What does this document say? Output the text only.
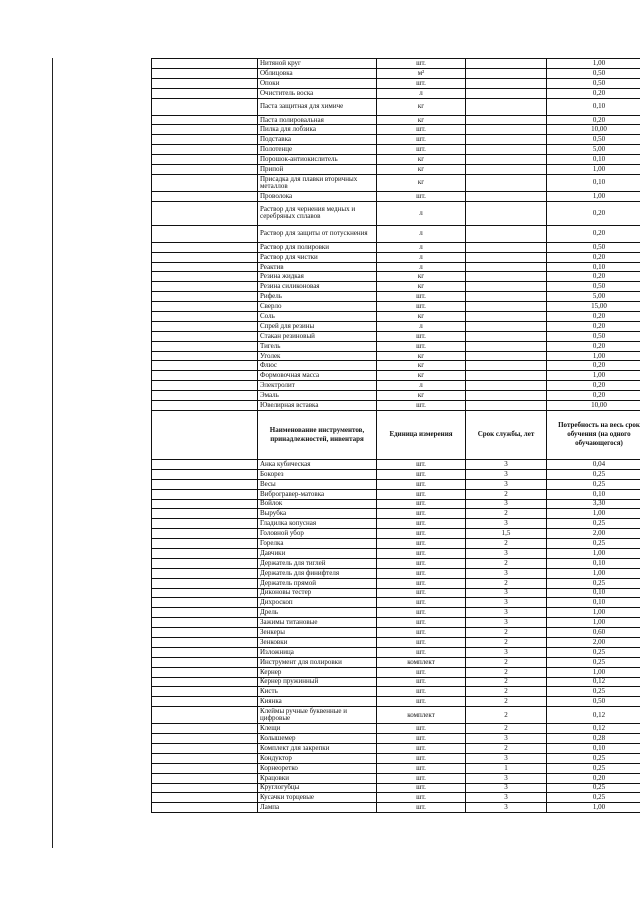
	Нитяной круг	шт.		1,00
	Облицовка	м²		0,50
	Опоки	шт.		0,50
	Очиститель воска	л		0,20
	Паста защитная для химиче	кг		0,10
	Паста полировальная	кг		0,20
	Пилка для лобзика	шт.		10,00
	Подставка	шт.		0,50
	Полотенце	шт.		5,00
	Порошок-антиокислитель	кг		0,10
	Припой	кг		1,00
	Присадка для плавки вторичных металлов	кг		0,10
	Проволока	шт.		1,00
	Раствор для чернения медных и серебряных сплавов	л		0,20
	Раствор для защиты от потускнения	л		0,20
	Раствор для полировки	л		0,50
	Раствор для чистки	л		0,20
	Реактив	л		0,10
	Резина жидкая	кг		0,20
	Резина силиконовая	кг		0,50
	Рифель	шт.		5,00
	Сверло	шт.		15,00
	Соль	кг		0,20
	Спрей для резины	л		0,20
	Стакан резиновый	шт.		0,50
	Тигель	шт.		0,20
	Уголек	кг		1,00
	Флюс	кг		0,20
	Формовочная масса	кг		1,00
	Электролит	л		0,20
	Эмаль	кг		0,20
	Ювелирная вставка	шт.		10,00
	Наименование инструментов, принадлежностей, инвентаря	Единица измерения	Срок службы, лет	Потребность на весь срок обучения (на одного обучающегося)
	Анка кубическая	шт.	3	0,04
	Бокорез	шт.	3	0,25
	Весы	шт.	3	0,25
	Виброгравер-матовка	шт.	2	0,10
	Войлок	шт.	3	3,30
	Вырубка	шт.	2	1,00
	Гладилка копусная	шт.	3	0,25
	Головной убор	шт.	1,5	2,00
	Горелка	шт.	2	0,25
	Давчики	шт.	3	1,00
	Держатель для тиглей	шт.	2	0,10
	Держатель для финифтеля	шт.	3	1,00
	Держатель прямой	шт.	2	0,25
	Диконовы тестер	шт.	3	0,10
	Дихроскоп	шт.	3	0,10
	Дрель	шт.	3	1,00
	Зажимы титановые	шт.	3	1,00
	Зенкеры	шт.	2	0,60
	Зенковки	шт.	2	2,00
	Изложница	шт.	3	0,25
	Инструмент для полировки	комплект	2	0,25
	Кернер	шт.	2	1,00
	Кернер пружинный	шт.	2	0,12
	Кисть	шт.	2	0,25
	Киянка	шт.	2	0,50
	Клеймы ручные буквенные и цифровые	комплект	2	0,12
	Клещи	шт.	2	0,12
	Колышемер	шт.	3	0,28
	Комплект для закрепки	шт.	2	0,10
	Кондуктор	шт.	3	0,25
	Корнеоретко	шт.	1	0,25
	Крацовки	шт.	3	0,20
	Круглогубцы	шт.	3	0,25
	Кусачки торцевые	шт.	3	0,25
	Лампа	шт.	3	1,00
